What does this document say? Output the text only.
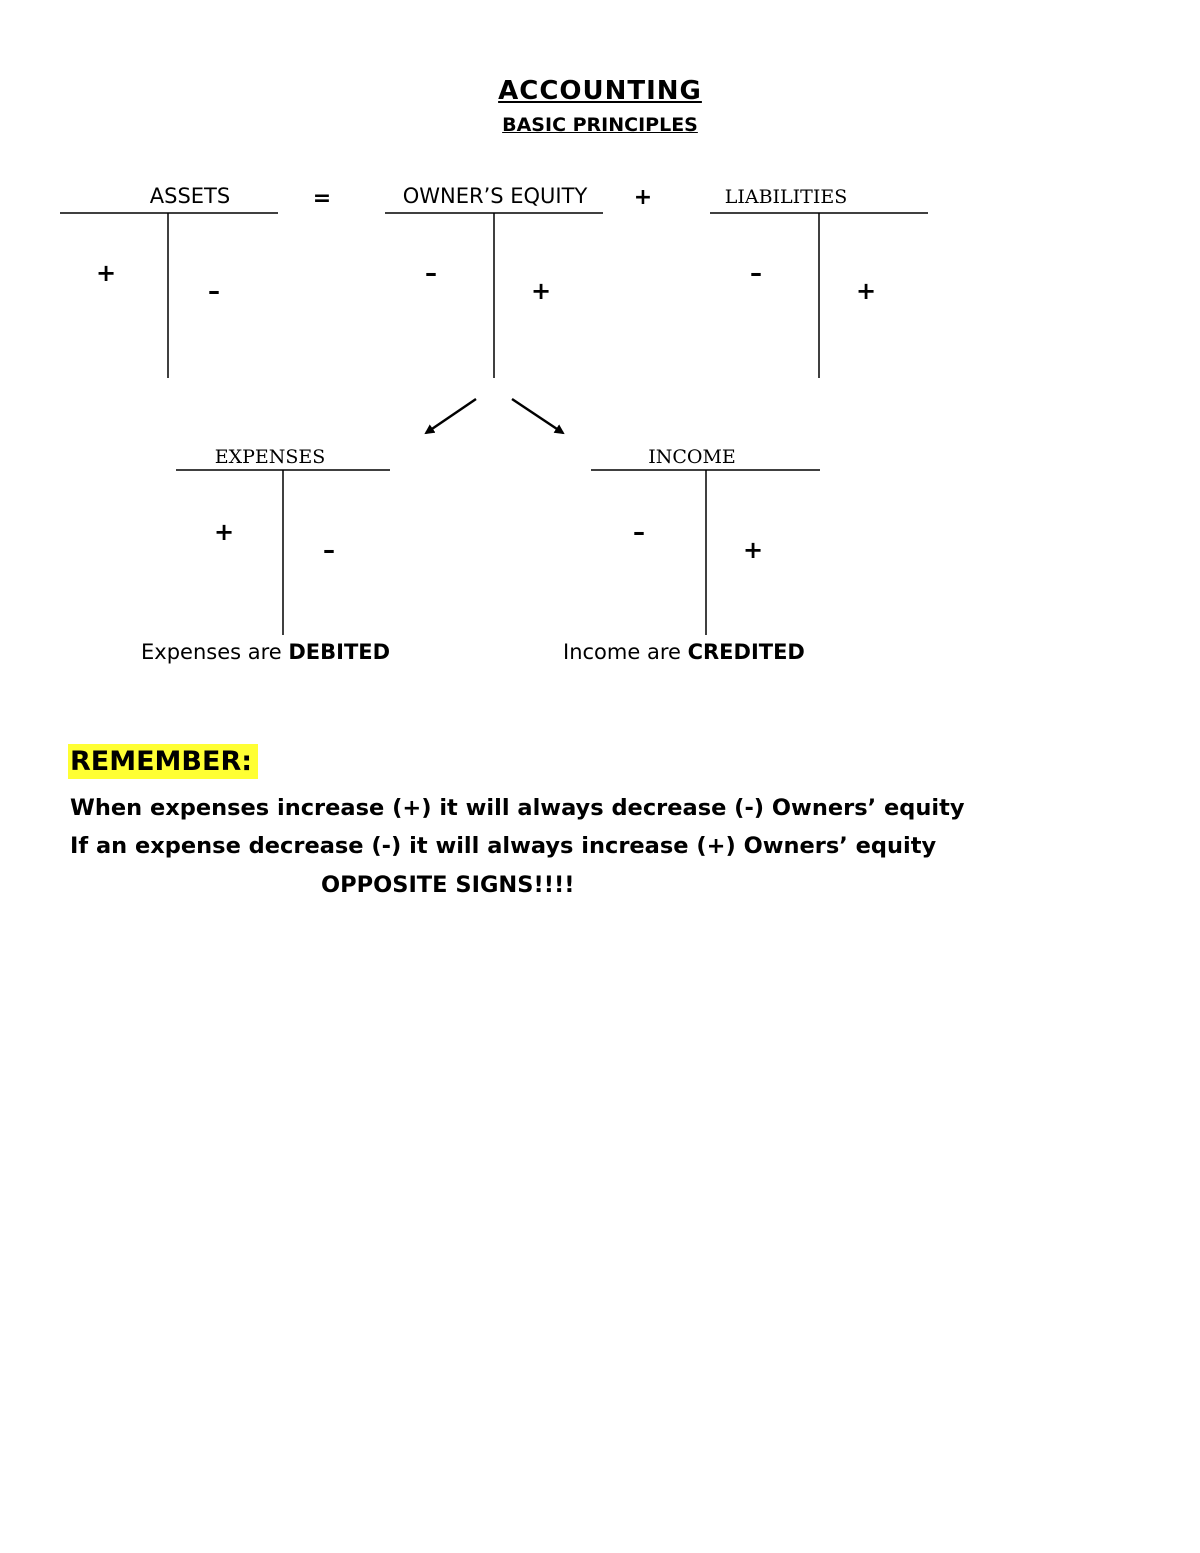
ACCOUNTING
BASIC PRINCIPLES
ASSETS	=	OWNER’S EQUITY	+	LIABILITIES
+
–
–
+
–
+
EXPENSES	INCOME
+
–
–
+
Expenses are DEBITED	Income are CREDITED
REMEMBER:
When expenses increase (+) it will always decrease (-) Owners’ equity
If an expense decrease (-) it will always increase (+) Owners’ equity
OPPOSITE SIGNS!!!!
